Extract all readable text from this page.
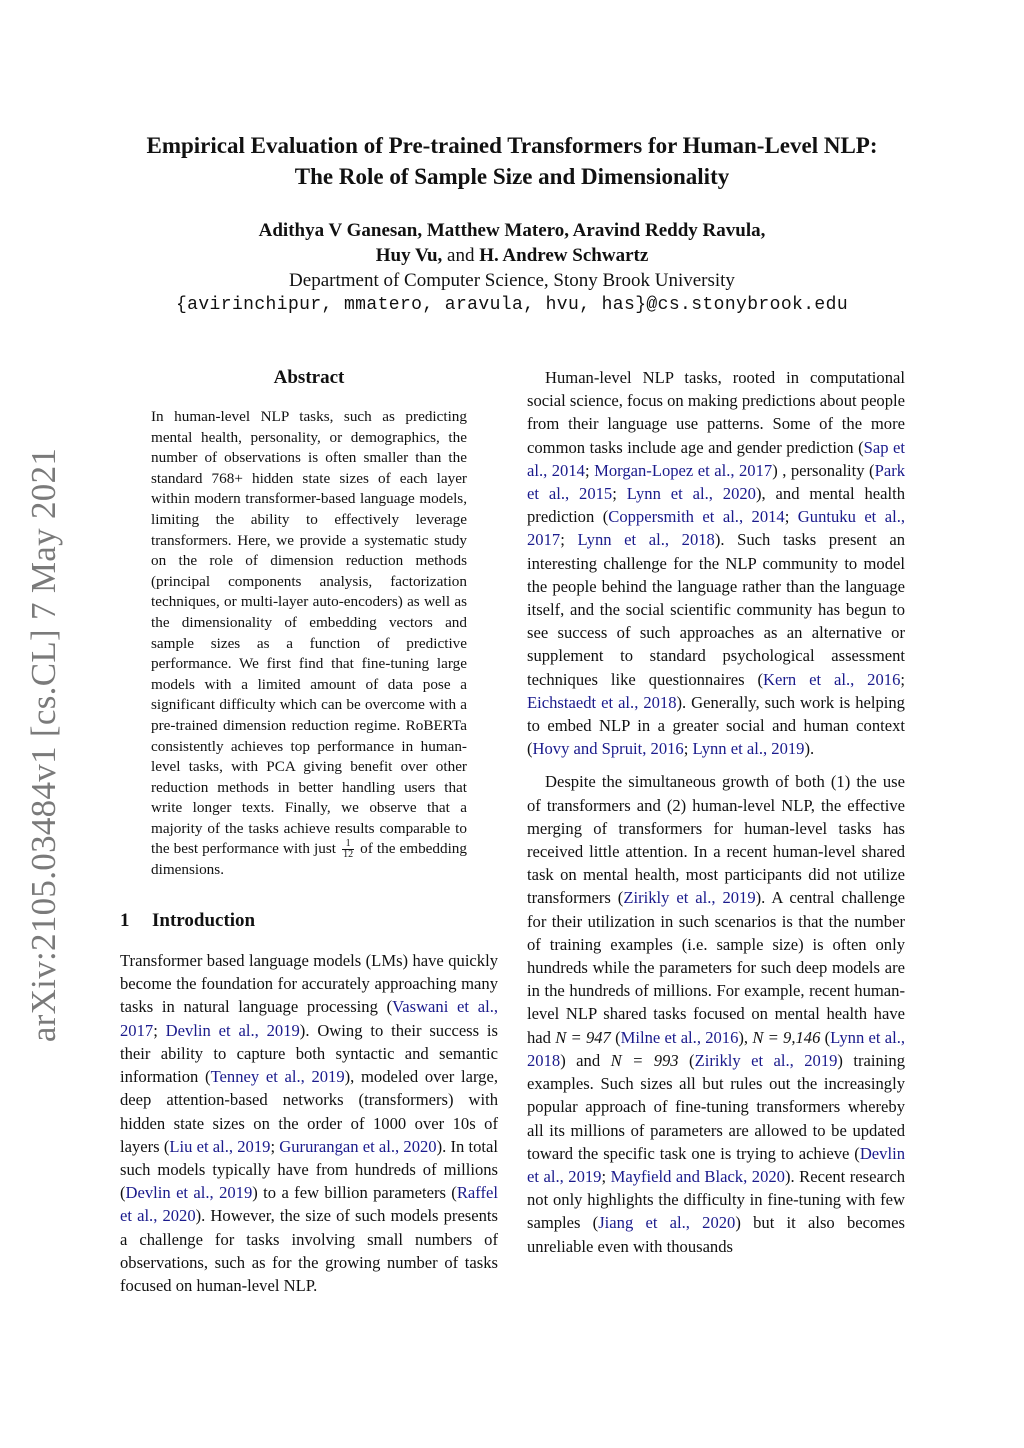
arXiv:2105.03484v1 [cs.CL] 7 May 2021
Empirical Evaluation of Pre-trained Transformers for Human-Level NLP:
The Role of Sample Size and Dimensionality
Adithya V Ganesan, Matthew Matero, Aravind Reddy Ravula,
Huy Vu, and H. Andrew Schwartz
Department of Computer Science, Stony Brook University
{avirinchipur, mmatero, aravula, hvu, has}@cs.stonybrook.edu
Abstract
In human-level NLP tasks, such as predicting mental health, personality, or demographics, the number of observations is often smaller than the standard 768+ hidden state sizes of each layer within modern transformer-based language models, limiting the ability to effectively leverage transformers. Here, we provide a systematic study on the role of dimension reduction methods (principal components analysis, factorization techniques, or multi-layer auto-encoders) as well as the dimensionality of embedding vectors and sample sizes as a function of predictive performance. We first find that fine-tuning large models with a limited amount of data pose a significant difficulty which can be overcome with a pre-trained dimension reduction regime. RoBERTa consistently achieves top performance in human-level tasks, with PCA giving benefit over other reduction methods in better handling users that write longer texts. Finally, we observe that a majority of the tasks achieve results comparable to the best performance with just $\frac{1}{12}$ of the embedding dimensions.
1 Introduction

Transformer based language models (LMs) have quickly become the foundation for accurately approaching many tasks in natural language processing (Vaswani et al., 2017; Devlin et al., 2019). Owing to their success is their ability to capture both syntactic and semantic information (Tenney et al., 2019), modeled over large, deep attention-based networks (transformers) with hidden state sizes on the order of 1000 over 10s of layers (Liu et al., 2019; Gururangan et al., 2020). In total such models typically have from hundreds of millions (Devlin et al., 2019) to a few billion parameters (Raffel et al., 2020). However, the size of such models presents a challenge for tasks involving small numbers of observations, such as for the growing number of tasks focused on human-level NLP.

Human-level NLP tasks, rooted in computational social science, focus on making predictions about people from their language use patterns. Some of the more common tasks include age and gender prediction (Sap et al., 2014; Morgan-Lopez et al., 2017) , personality (Park et al., 2015; Lynn et al., 2020), and mental health prediction (Coppersmith et al., 2014; Guntuku et al., 2017; Lynn et al., 2018). Such tasks present an interesting challenge for the NLP community to model the people behind the language rather than the language itself, and the social scientific community has begun to see success of such approaches as an alternative or supplement to standard psychological assessment techniques like questionnaires (Kern et al., 2016; Eichstaedt et al., 2018). Generally, such work is helping to embed NLP in a greater social and human context (Hovy and Spruit, 2016; Lynn et al., 2019).

Despite the simultaneous growth of both (1) the use of transformers and (2) human-level NLP, the effective merging of transformers for human-level tasks has received little attention. In a recent human-level shared task on mental health, most participants did not utilize transformers (Zirikly et al., 2019). A central challenge for their utilization in such scenarios is that the number of training examples (i.e. sample size) is often only hundreds while the parameters for such deep models are in the hundreds of millions. For example, recent human-level NLP shared tasks focused on mental health have had N = 947 (Milne et al., 2016), N = 9,146 (Lynn et al., 2018) and N = 993 (Zirikly et al., 2019) training examples. Such sizes all but rules out the increasingly popular approach of fine-tuning transformers whereby all its millions of parameters are allowed to be updated toward the specific task one is trying to achieve (Devlin et al., 2019; Mayfield and Black, 2020). Recent research not only highlights the difficulty in fine-tuning with few samples (Jiang et al., 2020) but it also becomes unreliable even with thousands
